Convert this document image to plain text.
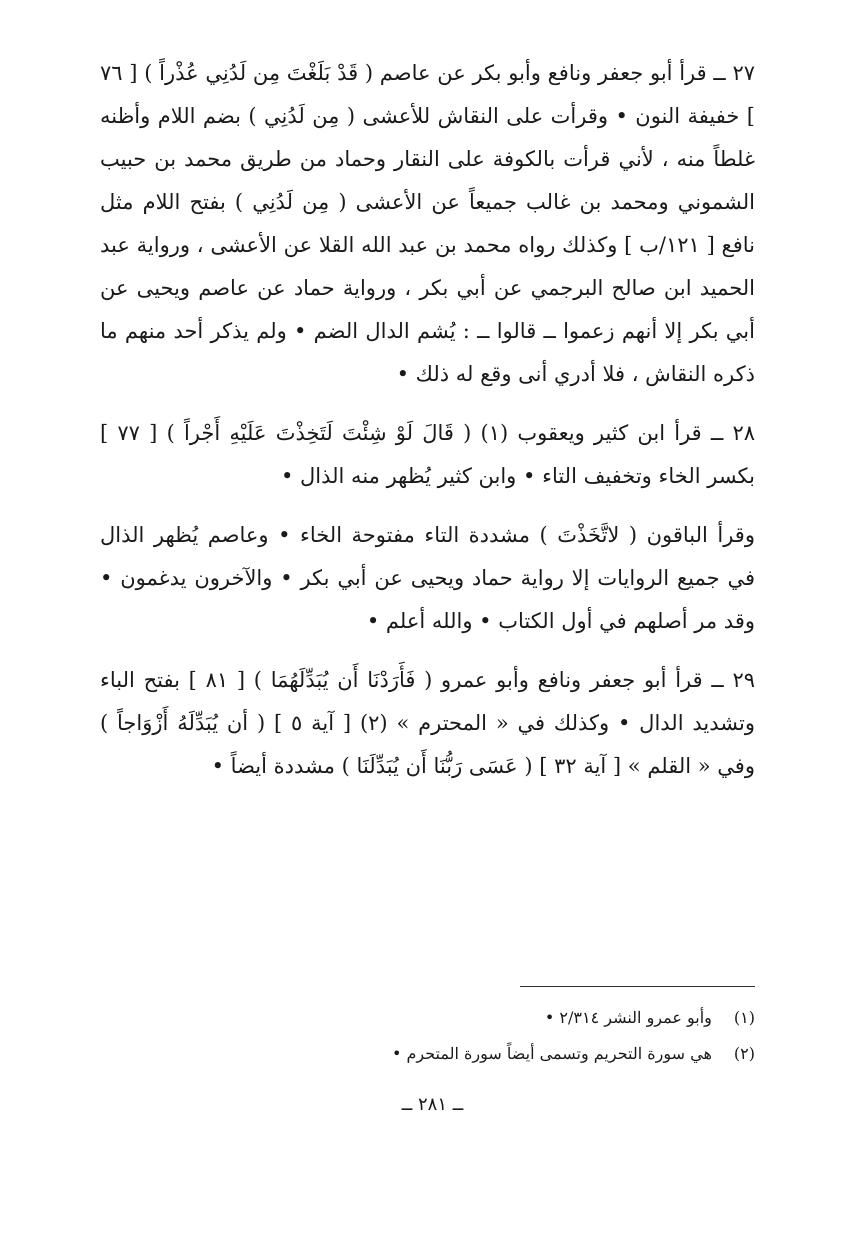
٢٧ ــ قرأ أبو جعفر ونافع وأبو بكر عن عاصم ( قَدْ بَلَغْتَ مِن لَدُنِي عُذْراً ) [ ٧٦ ] خفيفة النون • وقرأت على النقاش للأعشى ( مِن لَدُنِي ) بضم اللام وأظنه غلطاً منه ، لأني قرأت بالكوفة على النقار وحماد من طريق محمد بن حبيب الشموني ومحمد بن غالب جميعاً عن الأعشى ( مِن لَدُنِي ) بفتح اللام مثل نافع [ ١٢١/ب ] وكذلك رواه محمد بن عبد الله القلا عن الأعشى ، ورواية عبد الحميد ابن صالح البرجمي عن أبي بكر ، ورواية حماد عن عاصم ويحيى عن أبي بكر إلا أنهم زعموا ــ قالوا ــ : يُشم الدال الضم • ولم يذكر أحد منهم ما ذكره النقاش ، فلا أدري أنى وقع له ذلك •

٢٨ ــ قرأ ابن كثير ويعقوب (١) ( قَالَ لَوْ شِئْتَ لَتَخِذْتَ عَلَيْهِ أَجْراً ) [ ٧٧ ] بكسر الخاء وتخفيف التاء • وابن كثير يُظهر منه الذال •

وقرأ الباقون ( لاتَّخَذْتَ ) مشددة التاء مفتوحة الخاء • وعاصم يُظهر الذال في جميع الروايات إلا رواية حماد ويحيى عن أبي بكر • والآخرون يدغمون • وقد مر أصلهم في أول الكتاب • والله أعلم •

٢٩ ــ قرأ أبو جعفر ونافع وأبو عمرو ( فَأَرَدْنَا أَن يُبَدِّلَهُمَا ) [ ٨١ ] بفتح الباء وتشديد الدال • وكذلك في « المحترم » (٢) [ آية ٥ ] ( أن يُبَدِّلَهُ أَزْوَاجاً ) وفي « القلم » [ آية ٣٢ ] ( عَسَى رَبُّنَا أَن يُبَدِّلَنَا ) مشددة أيضاً •

(١) وأبو عمرو النشر ٢/٣١٤ •

(٢) هي سورة التحريم وتسمى أيضاً سورة المتحرم •

ــ ٢٨١ ــ
